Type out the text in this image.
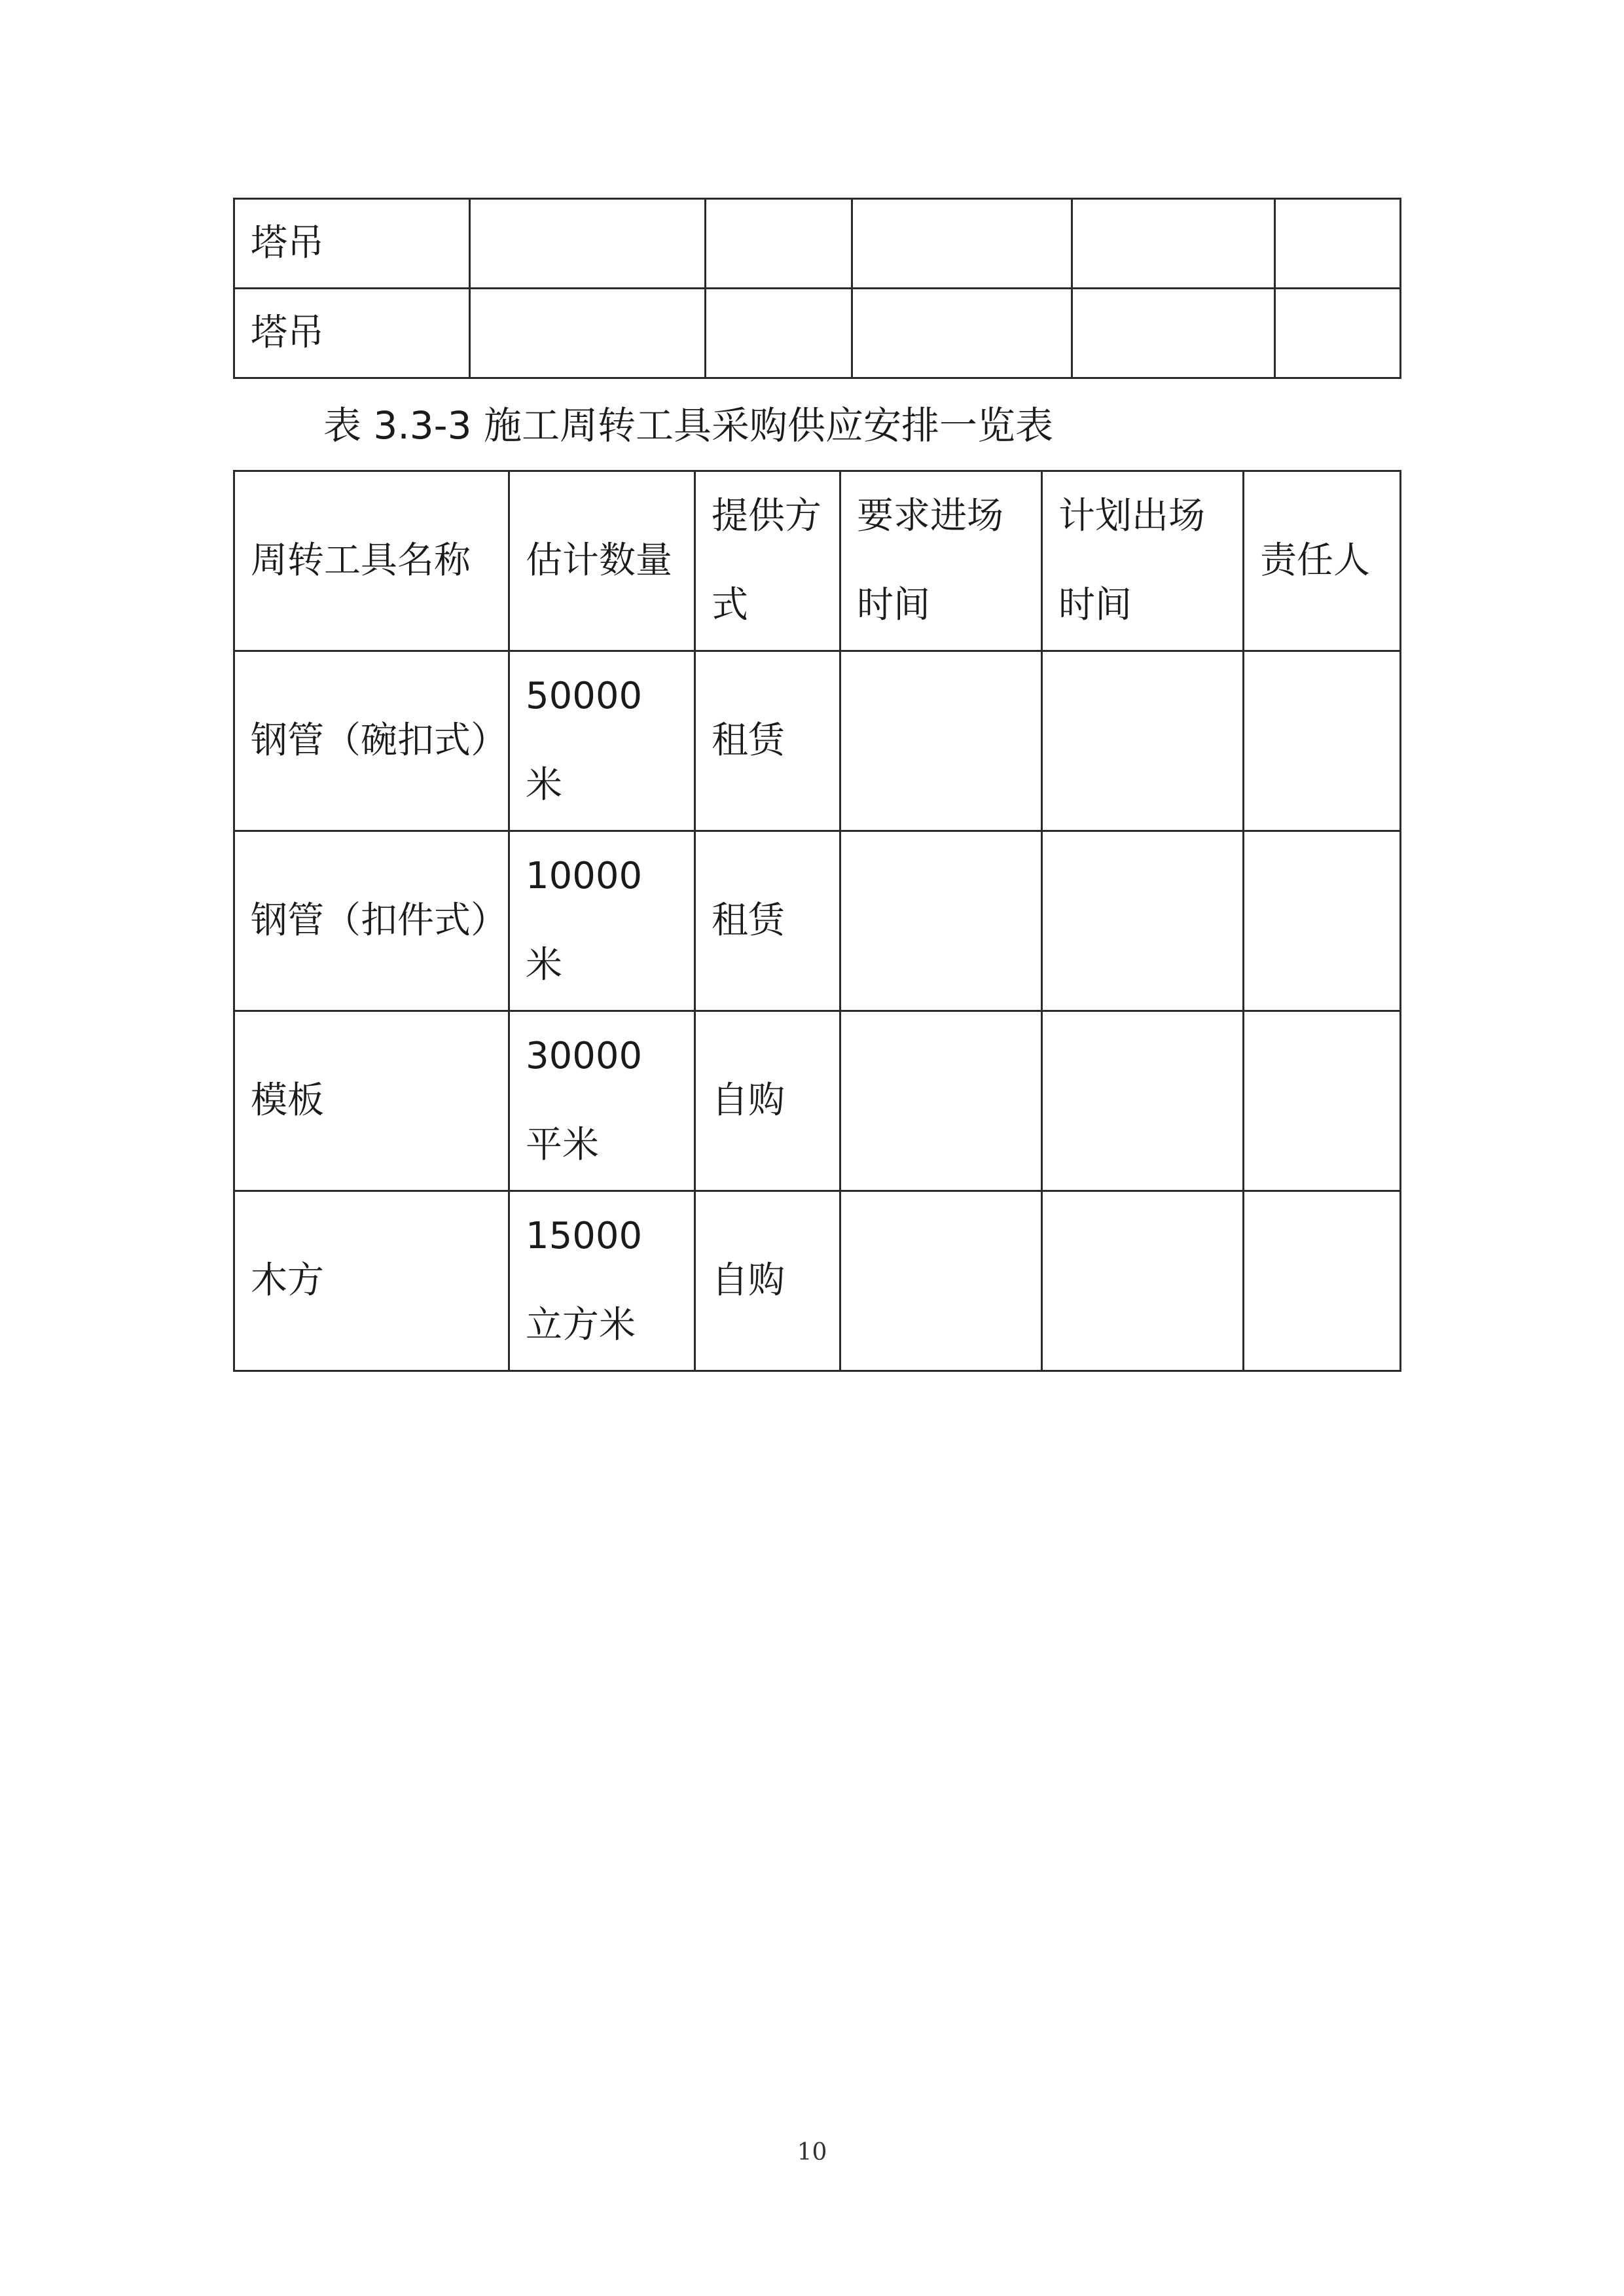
塔吊					
塔吊					
表 3.3-3 施工周转工具采购供应安排一览表
周转工具名称	估计数量	提供方式	要求进场时间	计划出场时间	责任人
钢管（碗扣式）	50000 米	租赁			
钢管（扣件式）	10000 米	租赁			
模板	30000 平米	自购			
木方	15000 立方米	自购			
10
